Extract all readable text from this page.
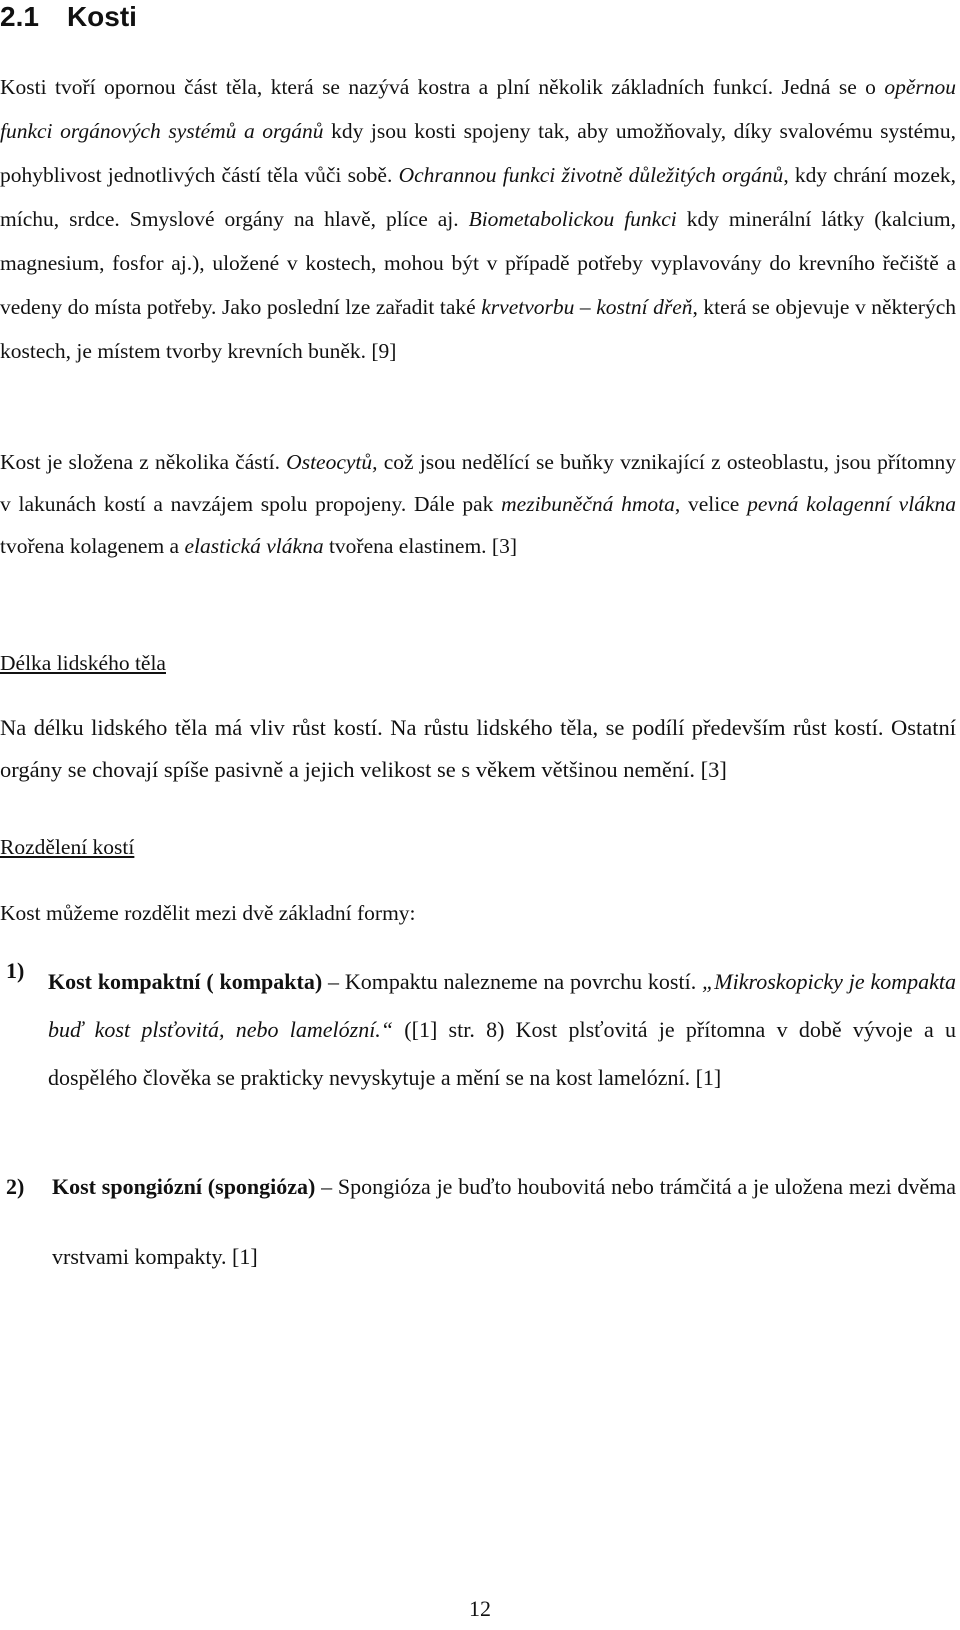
2.1 Kosti

Kosti tvoří opornou část těla, která se nazývá kostra a plní několik základních funkcí. Jedná se o opěrnou funkci orgánových systémů a orgánů kdy jsou kosti spojeny tak, aby umožňovaly, díky svalovému systému, pohyblivost jednotlivých částí těla vůči sobě. Ochrannou funkci životně důležitých orgánů, kdy chrání mozek, míchu, srdce. Smyslové orgány na hlavě, plíce aj. Biometabolickou funkci kdy minerální látky (kalcium, magnesium, fosfor aj.), uložené v kostech, mohou být v případě potřeby vyplavovány do krevního řečiště a vedeny do místa potřeby. Jako poslední lze zařadit také krvetvorbu – kostní dřeň, která se objevuje v některých kostech, je místem tvorby krevních buněk. [9]

Kost je složena z několika částí. Osteocytů, což jsou nedělící se buňky vznikající z osteoblastu, jsou přítomny v lakunách kostí a navzájem spolu propojeny. Dále pak mezibuněčná hmota, velice pevná kolagenní vlákna tvořena kolagenem a elastická vlákna tvořena elastinem. [3]

Délka lidského těla

Na délku lidského těla má vliv růst kostí. Na růstu lidského těla, se podílí především růst kostí. Ostatní orgány se chovají spíše pasivně a jejich velikost se s věkem většinou nemění. [3]

Rozdělení kostí

Kost můžeme rozdělit mezi dvě základní formy:

1) Kost kompaktní ( kompakta) – Kompaktu nalezneme na povrchu kostí. „Mikroskopicky je kompakta buď kost plsťovitá, nebo lamelózní.“ ([1] str. 8) Kost plsťovitá je přítomna v době vývoje a u dospělého člověka se prakticky nevyskytuje a mění se na kost lamelózní. [1]
2) Kost spongiózní (spongióza) – Spongióza je buďto houbovitá nebo trámčitá a je uložena mezi dvěma vrstvami kompakty. [1]
12
